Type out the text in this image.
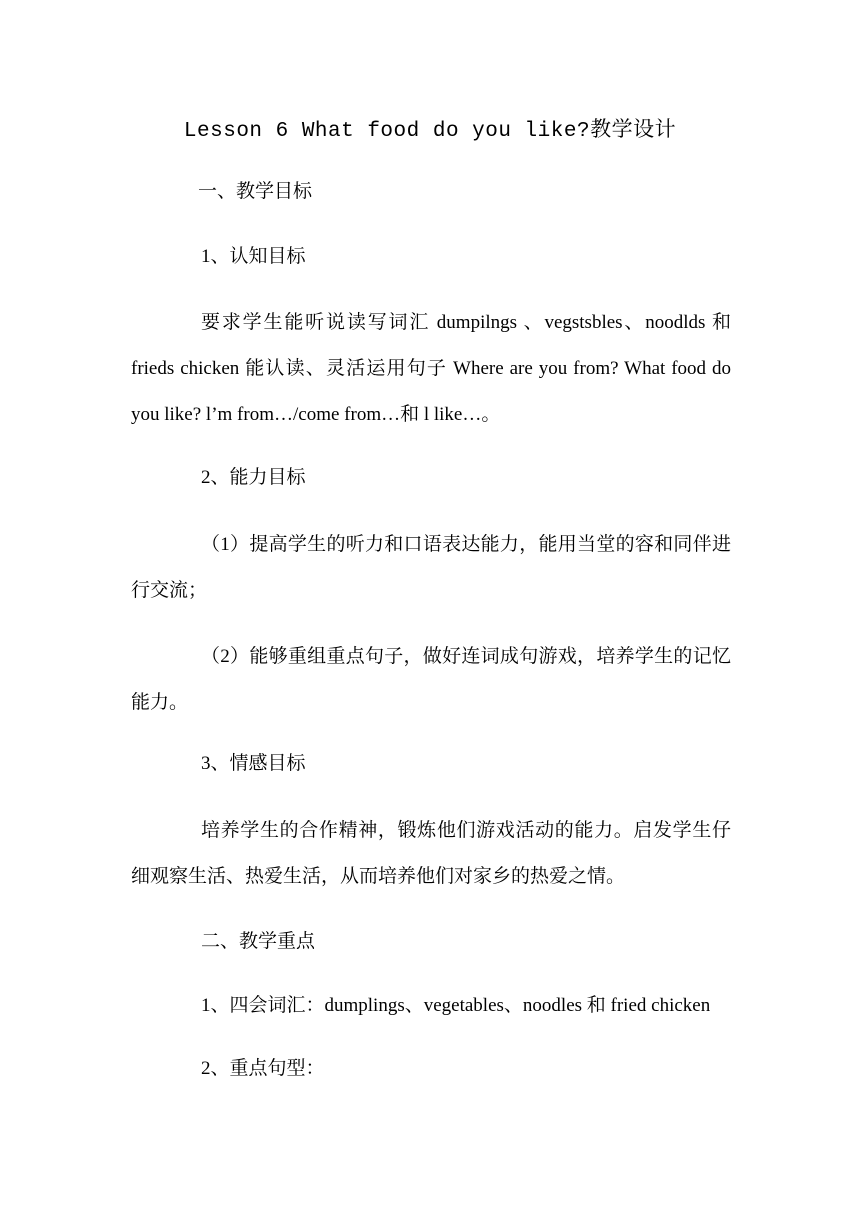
Lesson 6 What food do you like?教学设计
一、教学目标
1、认知目标
要求学生能听说读写词汇 dumpilngs 、vegstsbles、noodlds 和 frieds chicken 能认读、灵活运用句子 Where are you from? What food do you like? l’m from…/come from…和 l like…。
2、能力目标
（1）提高学生的听力和口语表达能力，能用当堂的容和同伴进行交流；
（2）能够重组重点句子，做好连词成句游戏，培养学生的记忆能力。
3、情感目标
培养学生的合作精神，锻炼他们游戏活动的能力。启发学生仔细观察生活、热爱生活，从而培养他们对家乡的热爱之情。
二、教学重点
1、四会词汇：dumplings、vegetables、noodles 和 fried chicken
2、重点句型：
